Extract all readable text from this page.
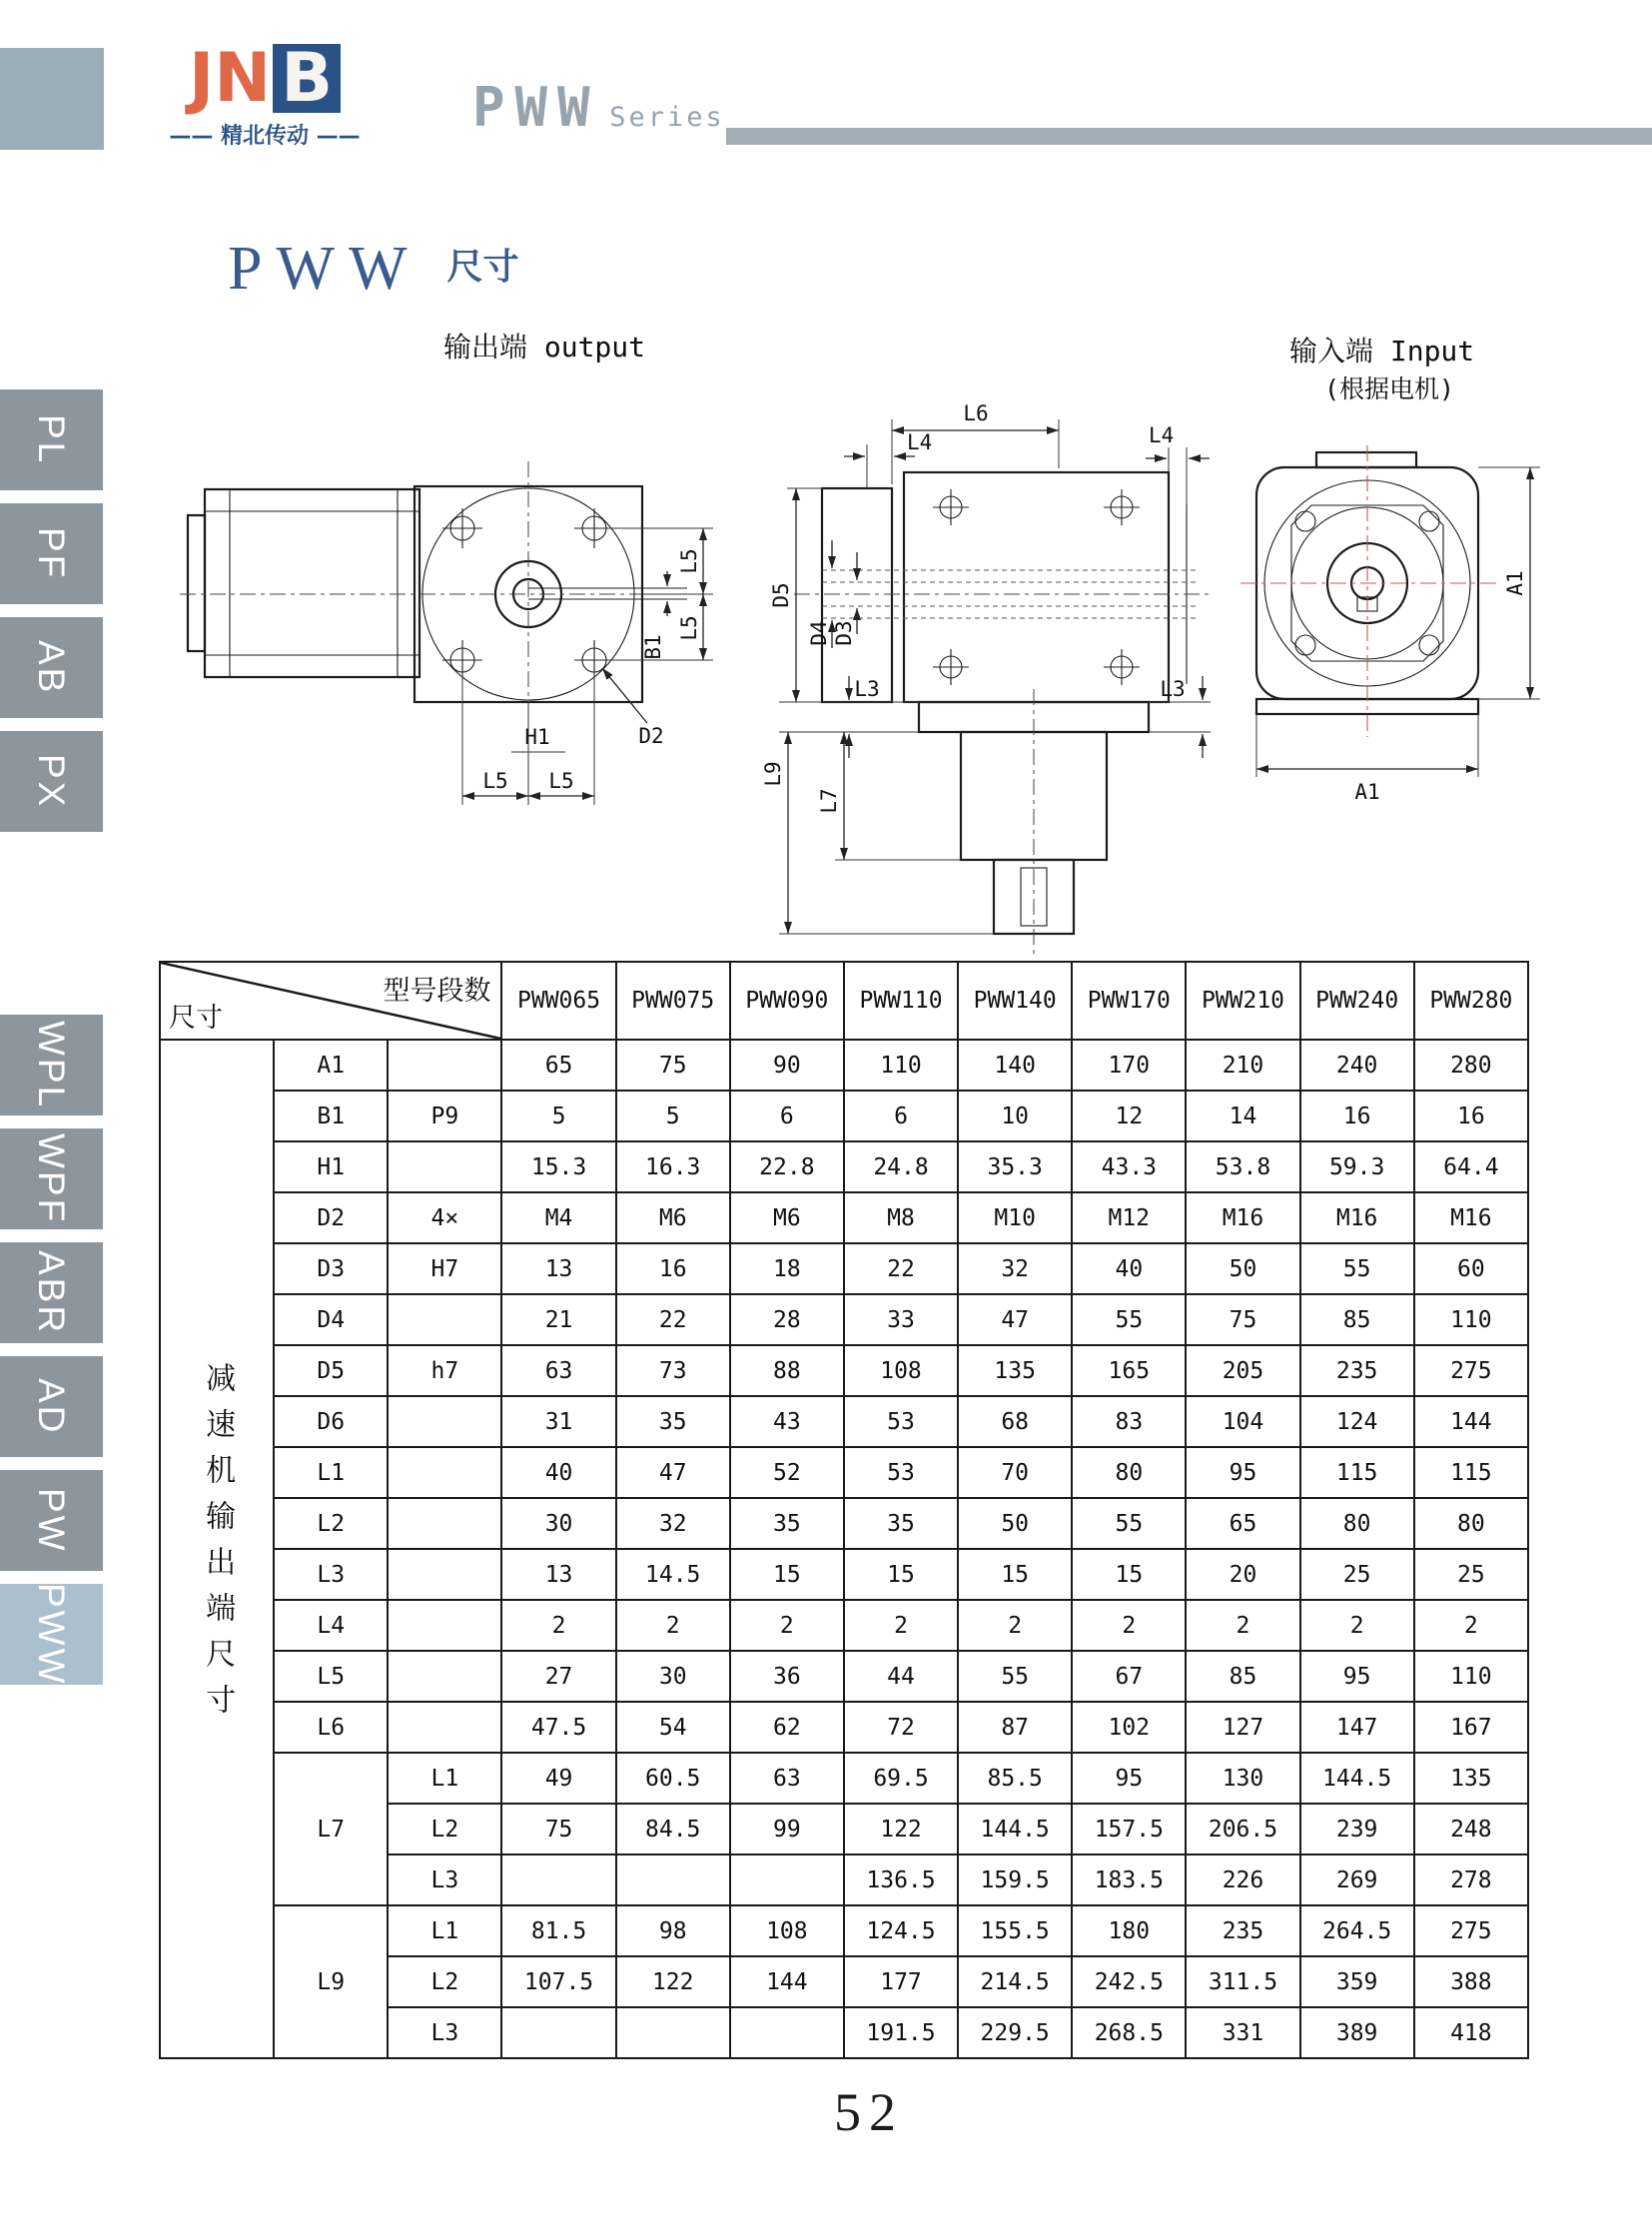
JN B
—— 精北传动 ——	PWW Series
PWW 尺寸
输出端 output	输入端 Input
(根据电机)
PL
PF
AB
PX
WPL
WPF
ABR
AD
PW
PWW
L5
L5
B1
D2
H1
L5 L5
L6
L4	L4
D5
D4 D3
L3	L3
L7
L9
A1
A1
型号段数
尺寸			PWW065	PWW075	PWW090	PWW110	PWW140	PWW170	PWW210	PWW240	PWW280
减速机输出端尺寸	A1		65	75	90	110	140	170	210	240	280
	B1	P9	5	5	6	6	10	12	14	16	16
	H1		15.3	16.3	22.8	24.8	35.3	43.3	53.8	59.3	64.4
	D2	4×	M4	M6	M6	M8	M10	M12	M16	M16	M16
	D3	H7	13	16	18	22	32	40	50	55	60
	D4		21	22	28	33	47	55	75	85	110
	D5	h7	63	73	88	108	135	165	205	235	275
	D6		31	35	43	53	68	83	104	124	144
	L1		40	47	52	53	70	80	95	115	115
	L2		30	32	35	35	50	55	65	80	80
	L3		13	14.5	15	15	15	15	20	25	25
	L4		2	2	2	2	2	2	2	2	2
	L5		27	30	36	44	55	67	85	95	110
	L6		47.5	54	62	72	87	102	127	147	167
	L7	L1	49	60.5	63	69.5	85.5	95	130	144.5	135
		L2	75	84.5	99	122	144.5	157.5	206.5	239	248
		L3				136.5	159.5	183.5	226	269	278
	L9	L1	81.5	98	108	124.5	155.5	180	235	264.5	275
		L2	107.5	122	144	177	214.5	242.5	311.5	359	388
		L3				191.5	229.5	268.5	331	389	418
52
